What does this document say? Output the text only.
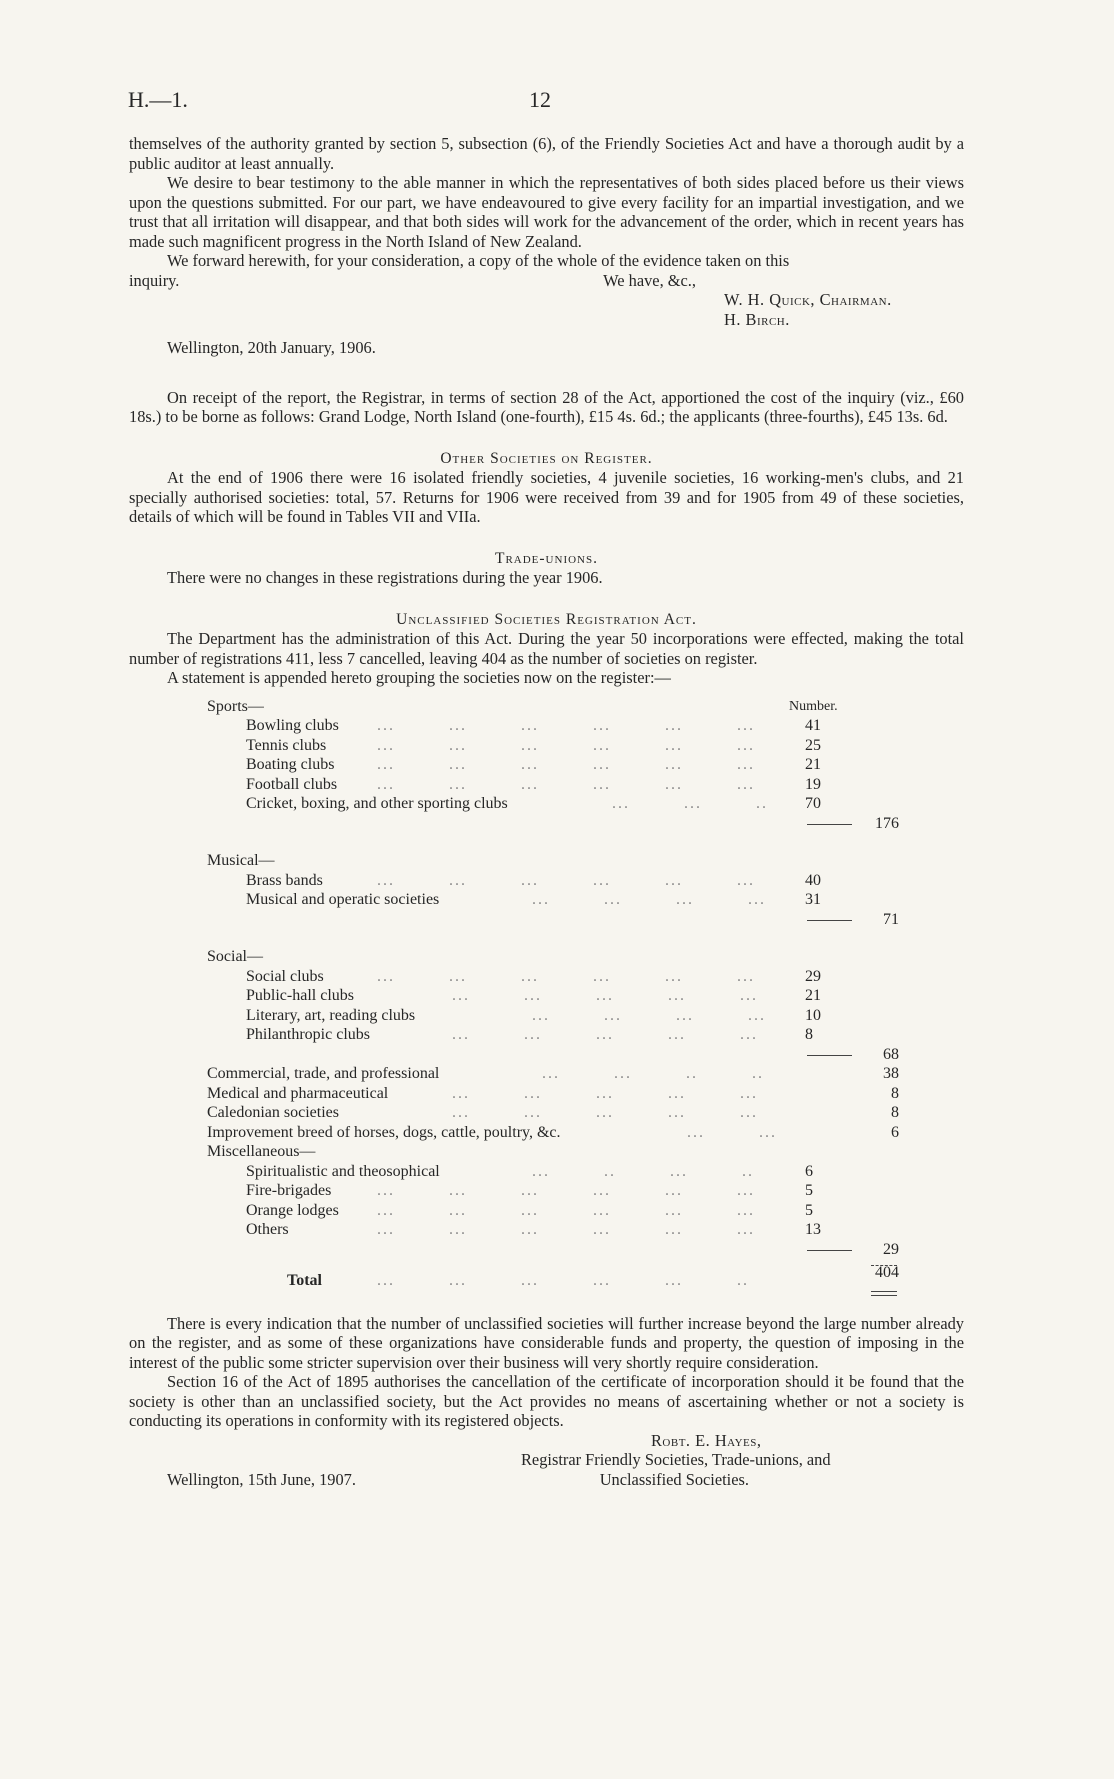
H.—1.	12

themselves of the authority granted by section 5, subsection (6), of the Friendly Societies Act and have a thorough audit by a public auditor at least annually.

We desire to bear testimony to the able manner in which the representatives of both sides placed before us their views upon the questions submitted. For our part, we have endeavoured to give every facility for an impartial investigation, and we trust that all irritation will disappear, and that both sides will work for the advancement of the order, which in recent years has made such magnificent progress in the North Island of New Zealand.

We forward herewith, for your consideration, a copy of the whole of the evidence taken on this

inquiry.	We have, &c.,
W. H. Quick, Chairman.
H. Birch.
Wellington, 20th January, 1906.

On receipt of the report, the Registrar, in terms of section 28 of the Act, apportioned the cost of the inquiry (viz., £60 18s.) to be borne as follows: Grand Lodge, North Island (one-fourth), £15 4s. 6d.; the applicants (three-fourths), £45 13s. 6d.

Other Societies on Register.

At the end of 1906 there were 16 isolated friendly societies, 4 juvenile societies, 16 working-men's clubs, and 21 specially authorised societies: total, 57. Returns for 1906 were received from 39 and for 1905 from 49 of these societies, details of which will be found in Tables VII and VIIa.

Trade-unions.

There were no changes in these registrations during the year 1906.

Unclassified Societies Registration Act.

The Department has the administration of this Act. During the year 50 incorporations were effected, making the total number of registrations 411, less 7 cancelled, leaving 404 as the number of societies on register.

A statement is appended hereto grouping the societies now on the register:—

Sports—	Number.
Bowling clubs ...         ...         ...         ...         ...         ...	41
Tennis clubs	...         ...         ...         ...         ...         ...	25
Boating clubs	...         ...         ...         ...         ...         ...	21
Football clubs ...         ...         ...         ...         ...         ...	19
Cricket, boxing, and other sporting clubs	...         ...         .. 70
176
Musical—
Brass bands	...         ...         ...         ...         ...         ...	40
Musical and operatic societies	...         ...         ...         ... 31
71
Social—
Social clubs	...         ...         ...         ...         ...         ...	29
Public-hall clubs	...         ...         ...         ...         ...	21
Literary, art, reading clubs	...         ...         ...         ... 10
Philanthropic clubs	...         ...         ...         ...         ...	8
68
Commercial, trade, and professional	...         ...         ..         ..	38
Medical and pharmaceutical	...         ...         ...         ...         ...	8
Caledonian societies	...         ...         ...         ...         ...	8
Improvement breed of horses, dogs, cattle, poultry, &c.	...         ...	6
Miscellaneous—
Spiritualistic and theosophical	...         ..         ...         ..	6
Fire-brigades	...         ...         ...         ...         ...         ...	5
Orange lodges ...         ...         ...         ...         ...         ...	5
Others	...         ...         ...         ...         ...         ...	13
29
Total	...         ...         ...         ...         ...         ..	404

There is every indication that the number of unclassified societies will further increase beyond the large number already on the register, and as some of these organizations have considerable funds and property, the question of imposing in the interest of the public some stricter supervision over their business will very shortly require consideration.

Section 16 of the Act of 1895 authorises the cancellation of the certificate of incorporation should it be found that the society is other than an unclassified society, but the Act provides no means of ascertaining whether or not a society is conducting its operations in conformity with its registered objects.

Robt. E. Hayes,
Registrar Friendly Societies, Trade-unions, and
Wellington, 15th June, 1907.	Unclassified Societies.
